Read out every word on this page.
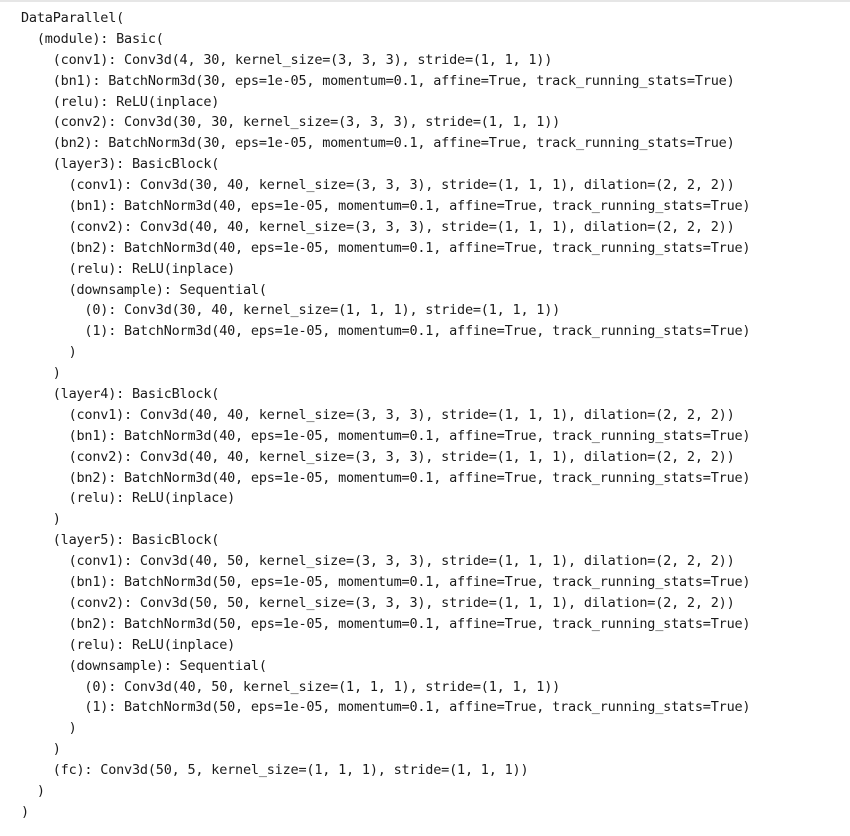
DataParallel(
(module): Basic(
(conv1): Conv3d(4, 30, kernel_size=(3, 3, 3), stride=(1, 1, 1))
(bn1): BatchNorm3d(30, eps=1e-05, momentum=0.1, affine=True, track_running_stats=True)
(relu): ReLU(inplace)
(conv2): Conv3d(30, 30, kernel_size=(3, 3, 3), stride=(1, 1, 1))
(bn2): BatchNorm3d(30, eps=1e-05, momentum=0.1, affine=True, track_running_stats=True)
(layer3): BasicBlock(
(conv1): Conv3d(30, 40, kernel_size=(3, 3, 3), stride=(1, 1, 1), dilation=(2, 2, 2))
(bn1): BatchNorm3d(40, eps=1e-05, momentum=0.1, affine=True, track_running_stats=True)
(conv2): Conv3d(40, 40, kernel_size=(3, 3, 3), stride=(1, 1, 1), dilation=(2, 2, 2))
(bn2): BatchNorm3d(40, eps=1e-05, momentum=0.1, affine=True, track_running_stats=True)
(relu): ReLU(inplace)
(downsample): Sequential(
(0): Conv3d(30, 40, kernel_size=(1, 1, 1), stride=(1, 1, 1))
(1): BatchNorm3d(40, eps=1e-05, momentum=0.1, affine=True, track_running_stats=True)
)
)
(layer4): BasicBlock(
(conv1): Conv3d(40, 40, kernel_size=(3, 3, 3), stride=(1, 1, 1), dilation=(2, 2, 2))
(bn1): BatchNorm3d(40, eps=1e-05, momentum=0.1, affine=True, track_running_stats=True)
(conv2): Conv3d(40, 40, kernel_size=(3, 3, 3), stride=(1, 1, 1), dilation=(2, 2, 2))
(bn2): BatchNorm3d(40, eps=1e-05, momentum=0.1, affine=True, track_running_stats=True)
(relu): ReLU(inplace)
)
(layer5): BasicBlock(
(conv1): Conv3d(40, 50, kernel_size=(3, 3, 3), stride=(1, 1, 1), dilation=(2, 2, 2))
(bn1): BatchNorm3d(50, eps=1e-05, momentum=0.1, affine=True, track_running_stats=True)
(conv2): Conv3d(50, 50, kernel_size=(3, 3, 3), stride=(1, 1, 1), dilation=(2, 2, 2))
(bn2): BatchNorm3d(50, eps=1e-05, momentum=0.1, affine=True, track_running_stats=True)
(relu): ReLU(inplace)
(downsample): Sequential(
(0): Conv3d(40, 50, kernel_size=(1, 1, 1), stride=(1, 1, 1))
(1): BatchNorm3d(50, eps=1e-05, momentum=0.1, affine=True, track_running_stats=True)
)
)
(fc): Conv3d(50, 5, kernel_size=(1, 1, 1), stride=(1, 1, 1))
)
)
